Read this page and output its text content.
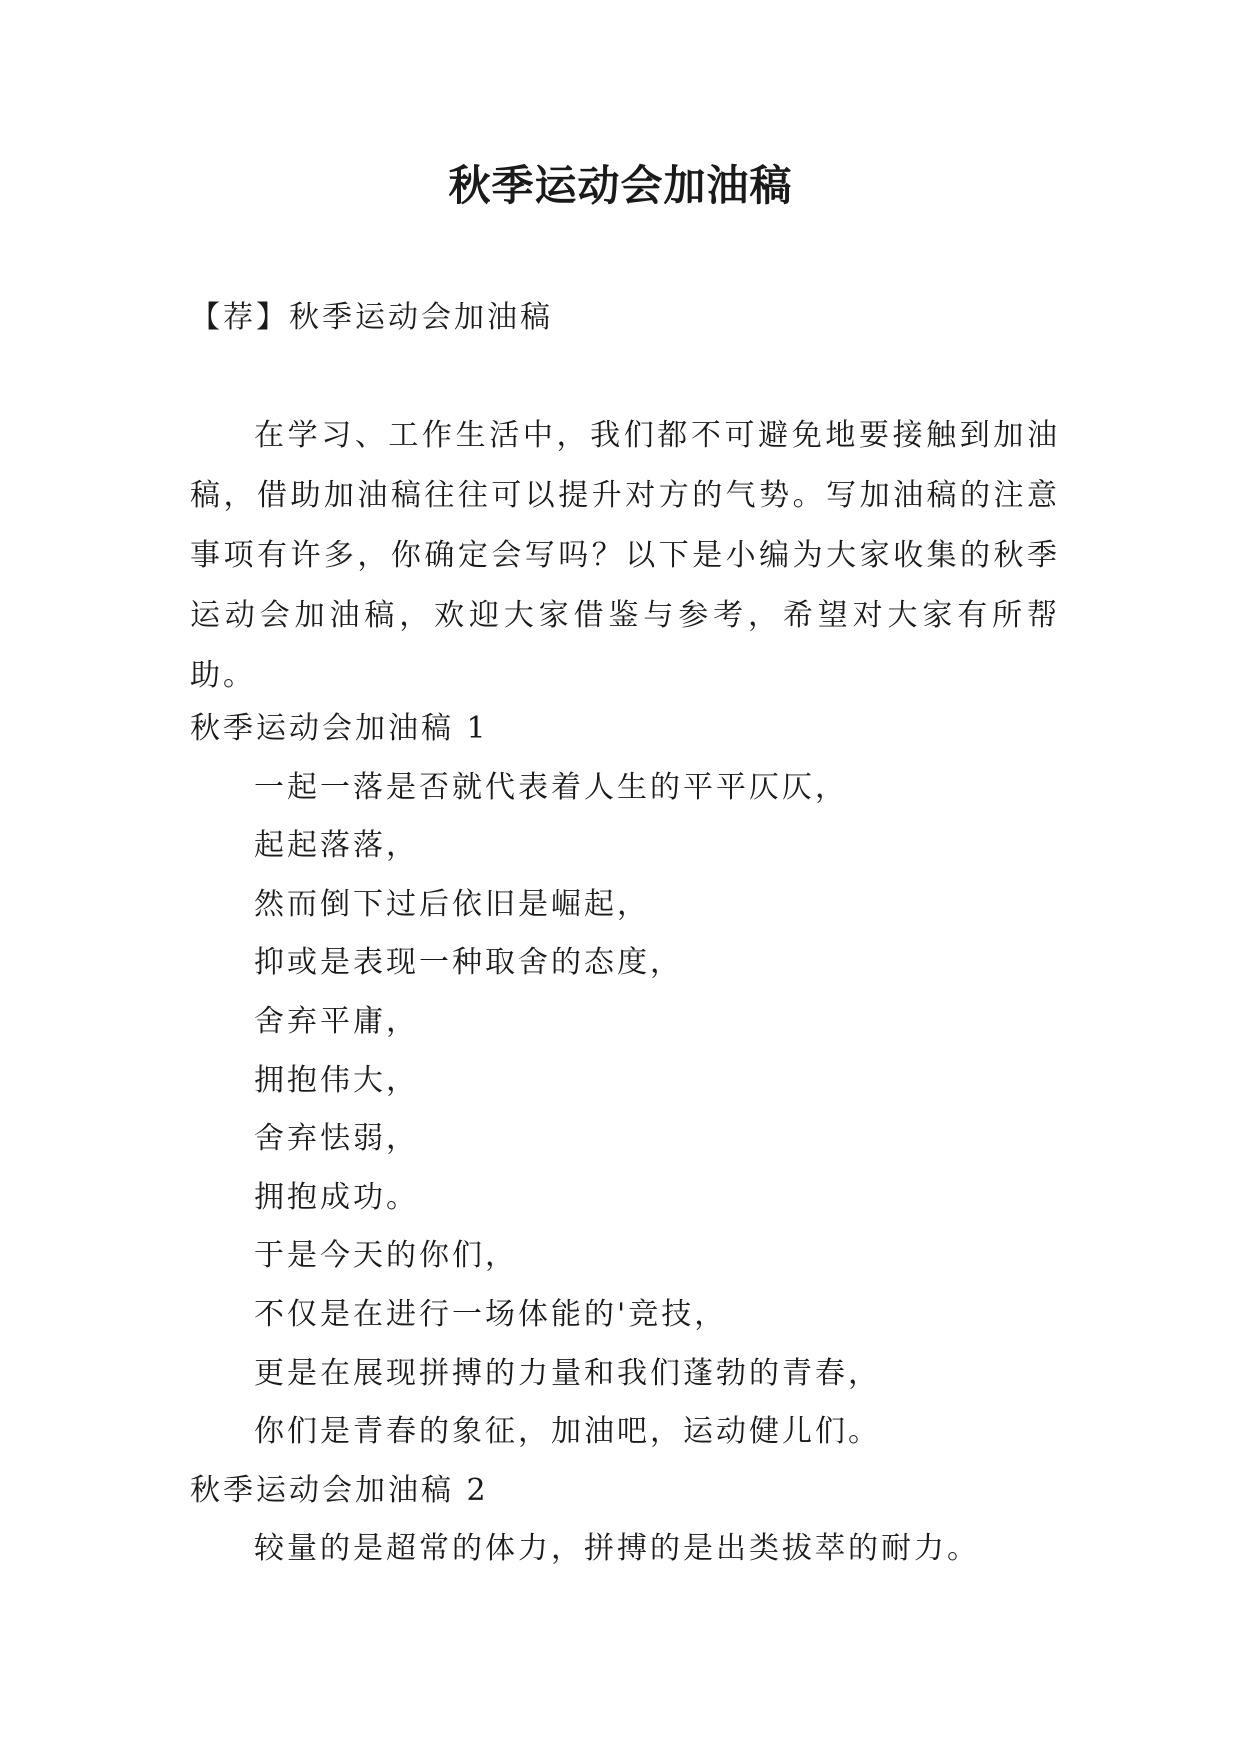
秋季运动会加油稿
【荐】秋季运动会加油稿
在学习、工作生活中，我们都不可避免地要接触到加油稿，借助加油稿往往可以提升对方的气势。写加油稿的注意事项有许多，你确定会写吗？以下是小编为大家收集的秋季运动会加油稿，欢迎大家借鉴与参考，希望对大家有所帮助。
秋季运动会加油稿 1
一起一落是否就代表着人生的平平仄仄，
起起落落，
然而倒下过后依旧是崛起，
抑或是表现一种取舍的态度，
舍弃平庸，
拥抱伟大，
舍弃怯弱，
拥抱成功。
于是今天的你们，
不仅是在进行一场体能的'竞技，
更是在展现拼搏的力量和我们蓬勃的青春，
你们是青春的象征，加油吧，运动健儿们。
秋季运动会加油稿 2
较量的是超常的体力，拼搏的是出类拔萃的耐力。
